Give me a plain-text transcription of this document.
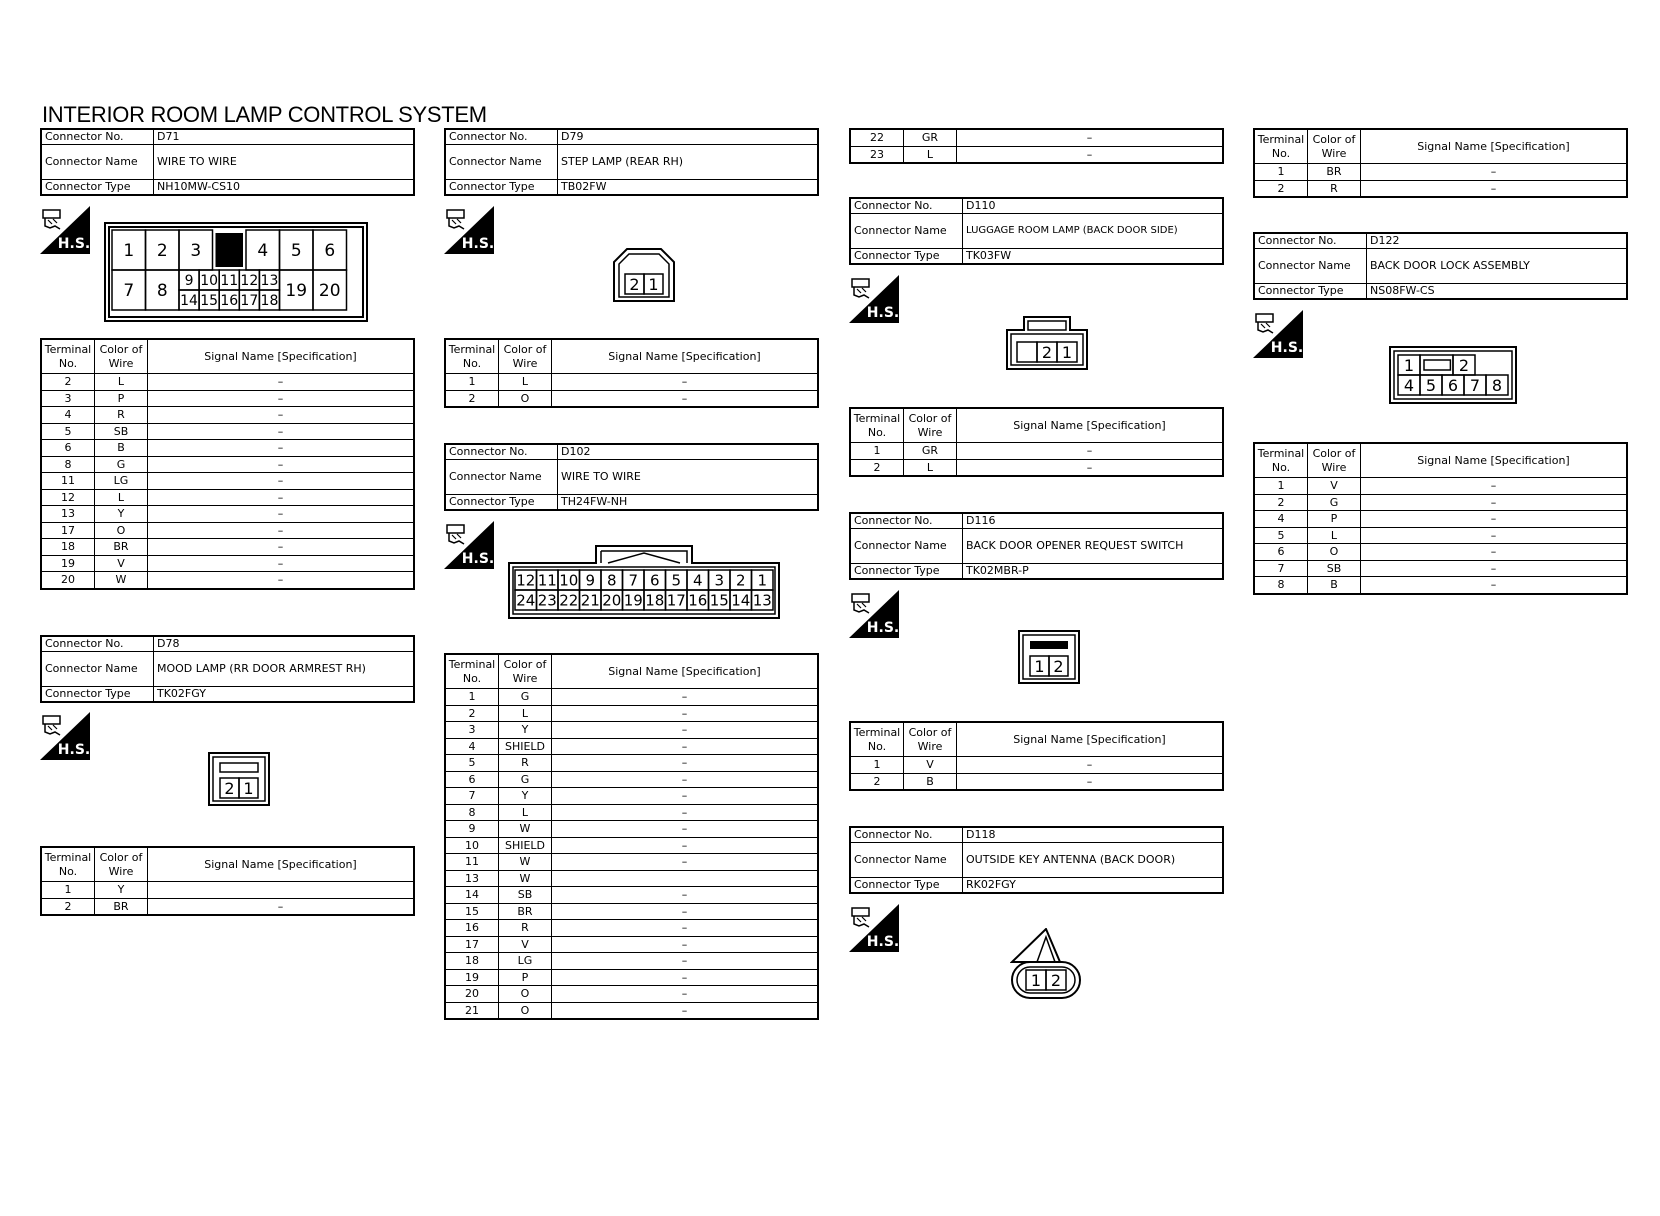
INTERIOR ROOM LAMP CONTROL SYSTEM
Connector No.	D71
Connector Name	WIRE TO WIRE
Connector Type	NH10MW-CS10
H.S. 1 2 3	4 5 6
7 8
9
14
10
15
11
16
12
17
13
18 19 20
Terminal No.	Color of Wire	Signal Name [Specification]
2	L	–
3	P	–
4	R	–
5	SB	–
6	B	–
8	G	–
11	LG	–
12	L	–
13	Y	–
17	O	–
18	BR	–
19	V	–
20	W	–
Connector No.	D78
Connector Name	MOOD LAMP (RR DOOR ARMREST RH)
Connector Type	TK02FGY
H.S.
2 1
Terminal No.	Color of Wire	Signal Name [Specification]
1	Y	
2	BR	–
Connector No.	D79
Connector Name	STEP LAMP (REAR RH)
Connector Type	TB02FW
H.S.
2 1
Terminal No.	Color of Wire	Signal Name [Specification]
1	L	–
2	O	–
Connector No.	D102
Connector Name	WIRE TO WIRE
Connector Type	TH24FW-NH
H.S.
12 11 10 9 8 7 6 5 4 3 2 1
24 23 22 21 20 19 18 17 16 15 14 13
Terminal No.	Color of Wire	Signal Name [Specification]
1	G	–
2	L	–
3	Y	–
4	SHIELD	–
5	R	–
6	G	–
7	Y	–
8	L	–
9	W	–
10	SHIELD	–
11	W	–
13	W	
14	SB	–
15	BR	–
16	R	–
17	V	–
18	LG	–
19	P	–
20	O	–
21	O	–
22	GR	–
23	L	–
Connector No.	D110
Connector Name	LUGGAGE ROOM LAMP (BACK DOOR SIDE)
Connector Type	TK03FW
H.S.
2 1
Terminal No.	Color of Wire	Signal Name [Specification]
1	GR	–
2	L	–
Connector No.	D116
Connector Name	BACK DOOR OPENER REQUEST SWITCH
Connector Type	TK02MBR-P
H.S.
1 2
Terminal No.	Color of Wire	Signal Name [Specification]
1	V	–
2	B	–
Connector No.	D118
Connector Name	OUTSIDE KEY ANTENNA (BACK DOOR)
Connector Type	RK02FGY
H.S.
1 2
Terminal No.	Color of Wire	Signal Name [Specification]
1	BR	–
2	R	–
Connector No.	D122
Connector Name	BACK DOOR LOCK ASSEMBLY
Connector Type	NS08FW-CS
H.S.
1	2
4 5 6 7 8
Terminal No.	Color of Wire	Signal Name [Specification]
1	V	–
2	G	–
4	P	–
5	L	–
6	O	–
7	SB	–
8	B	–
